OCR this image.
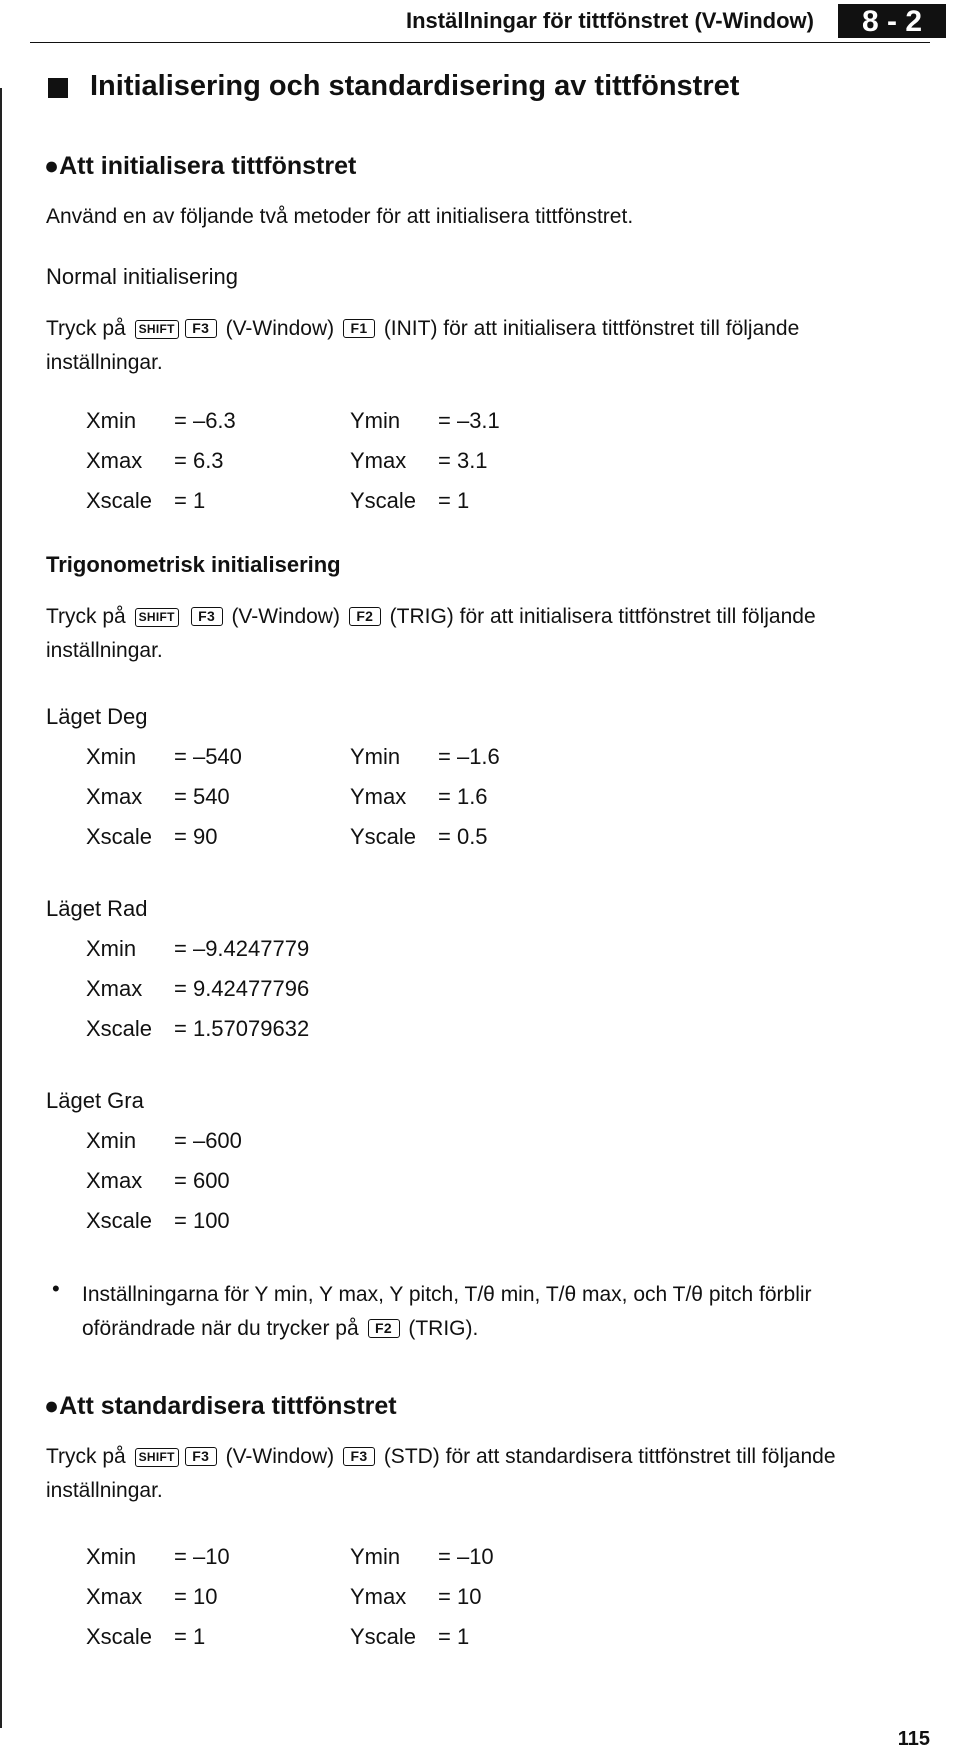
Inställningar för tittfönstret (V-Window)	8 - 2
Initialisering och standardisering av tittfönstret
●Att initialisera tittfönstret
Använd en av följande två metoder för att initialisera tittfönstret.
Normal initialisering
Tryck på SHIFT F3 (V-Window) F1 (INIT) för att initialisera tittfönstret till följande
inställningar.
Xmin = –6.3	Ymin = –3.1
Xmax = 6.3	Ymax = 3.1
Xscale = 1	Yscale = 1
Trigonometrisk initialisering
Tryck på SHIFT F3 (V-Window) F2 (TRIG) för att initialisera tittfönstret till följande
inställningar.
Läget Deg
Xmin = –540	Ymin = –1.6
Xmax = 540	Ymax = 1.6
Xscale = 90	Yscale = 0.5
Läget Rad
Xmin = –9.4247779
Xmax = 9.42477796
Xscale = 1.57079632
Läget Gra
Xmin = –600
Xmax = 600
Xscale = 100
• Inställningarna för Y min, Y max, Y pitch, T/θ min, T/θ max, och T/θ pitch förblir
oförändrade när du trycker på F2 (TRIG).
●Att standardisera tittfönstret
Tryck på SHIFT F3 (V-Window) F3 (STD) för att standardisera tittfönstret till följande
inställningar.
Xmin = –10	Ymin = –10
Xmax = 10	Ymax = 10
Xscale = 1	Yscale = 1
115
